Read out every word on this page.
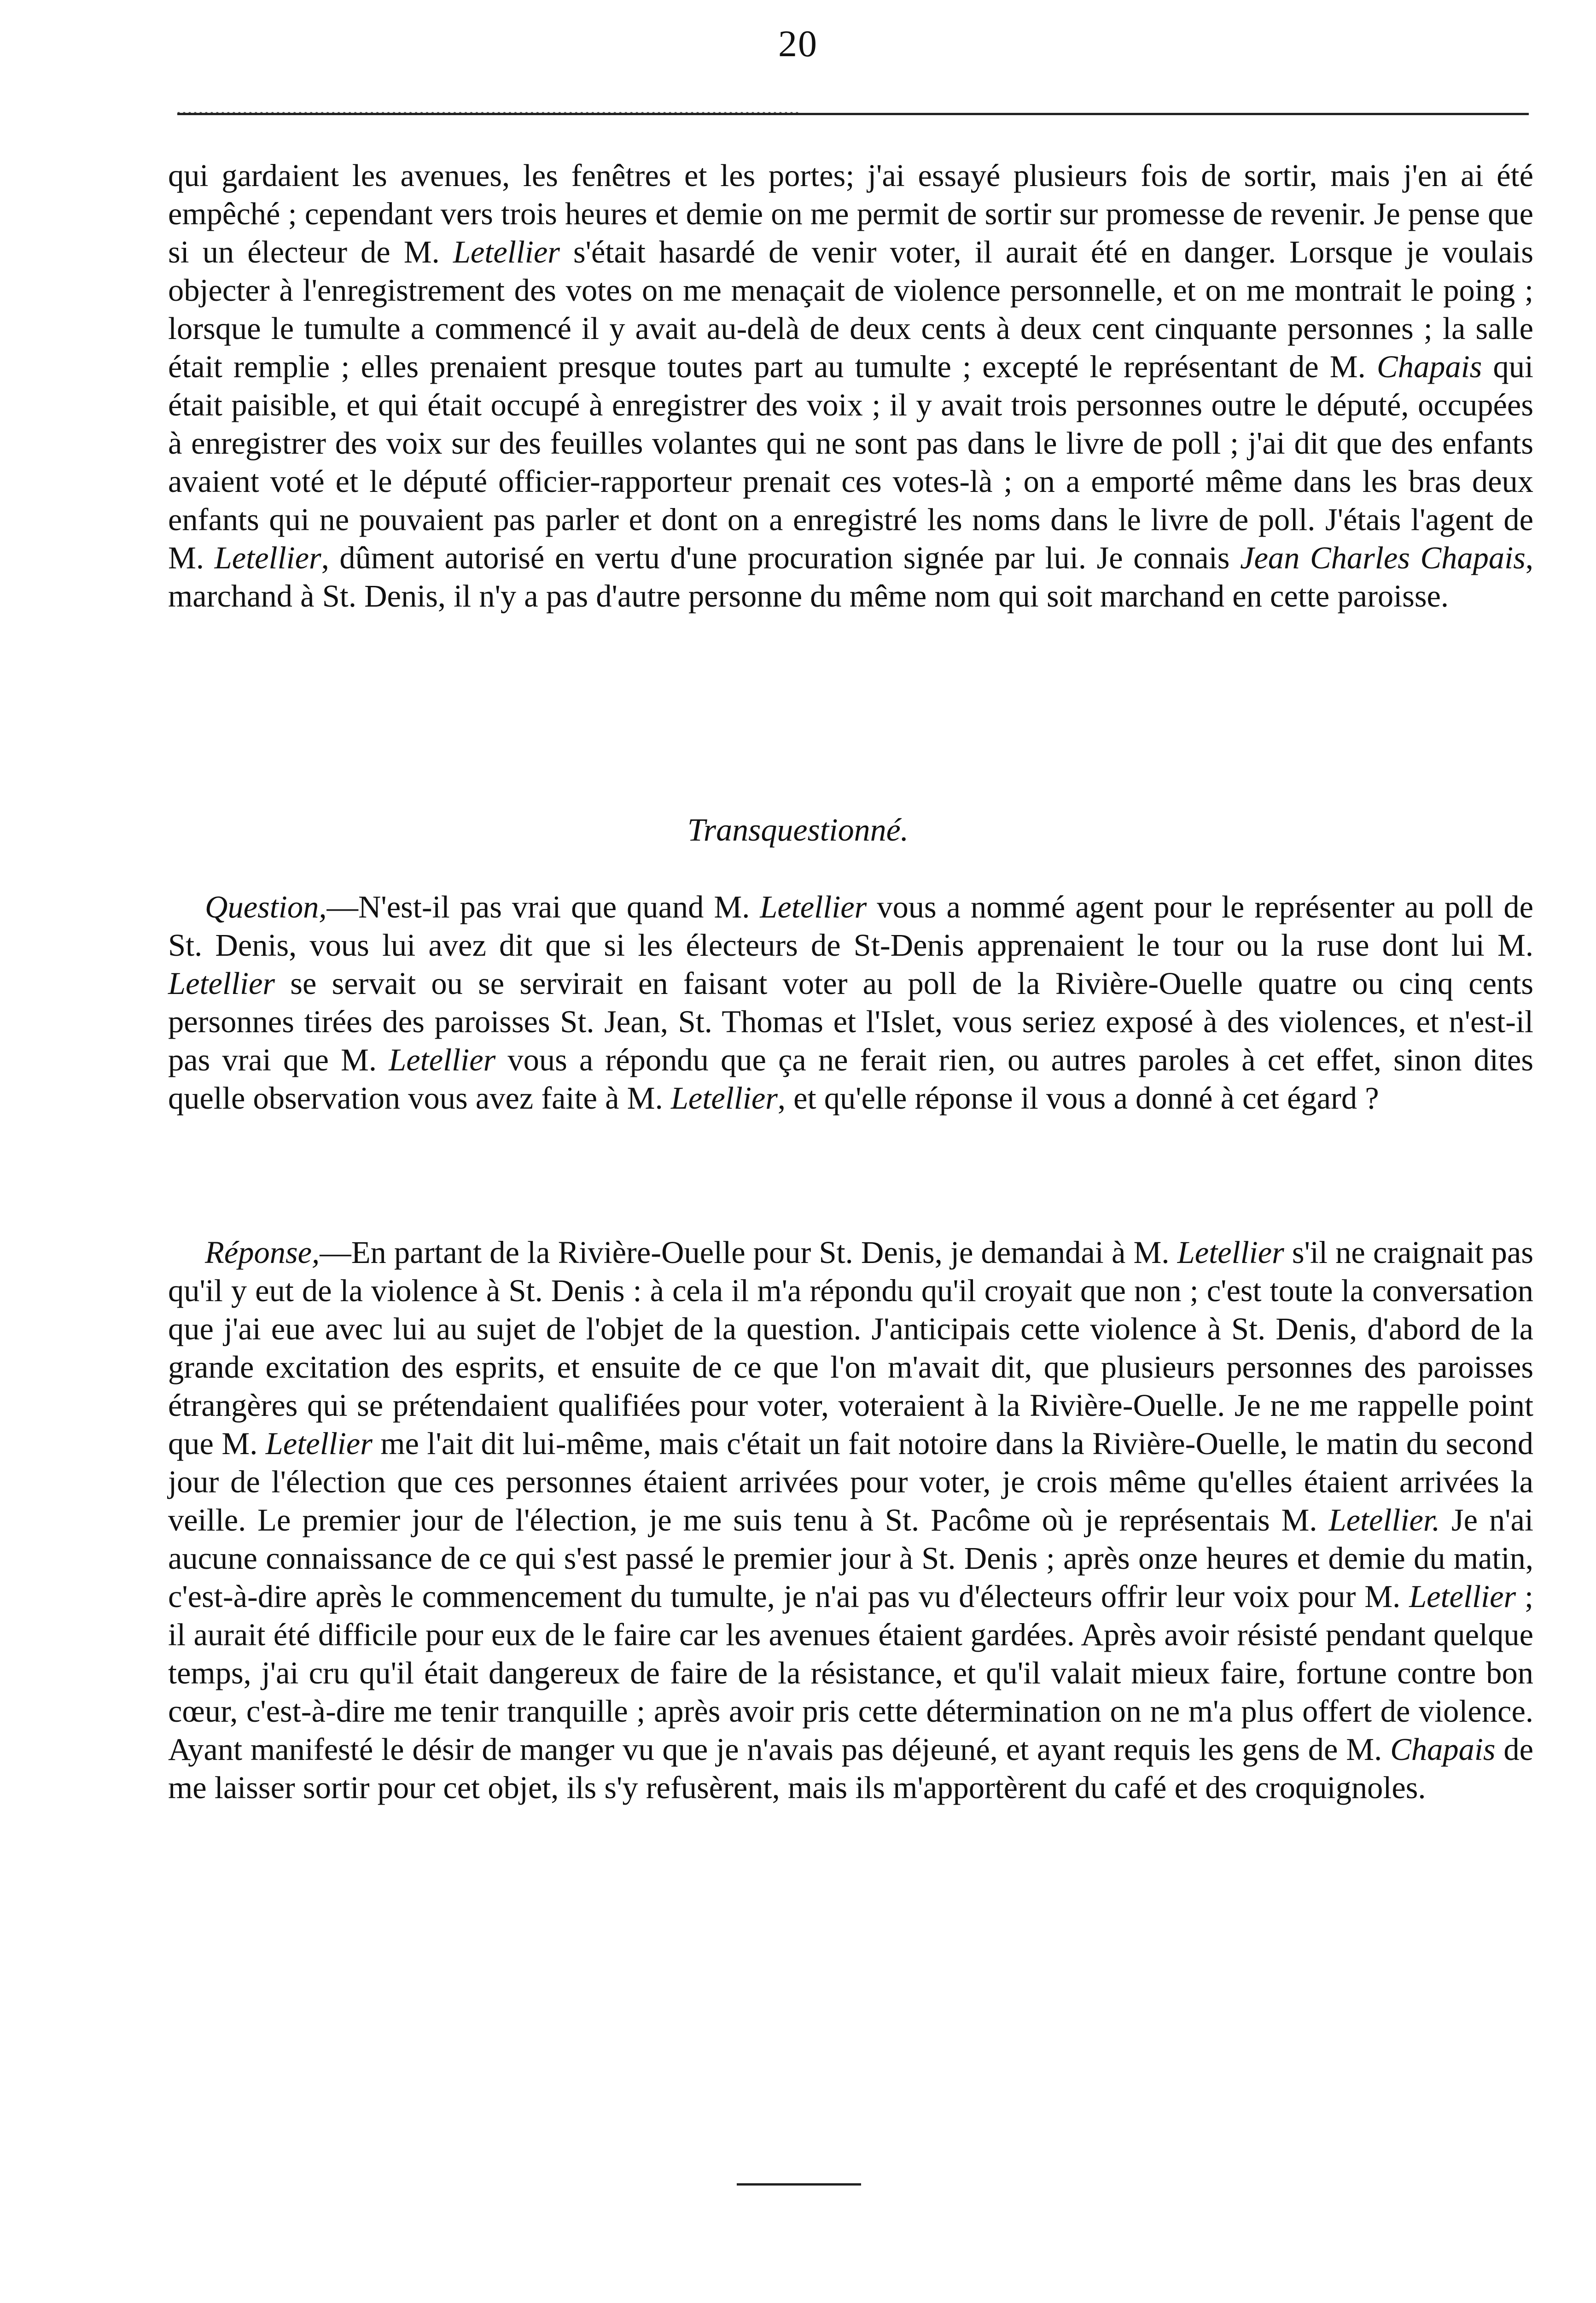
20

qui gardaient les avenues, les fenêtres et les portes; j'ai essayé plusieurs fois de sortir, mais j'en ai été empêché ; cependant vers trois heures et demie on me permit de sortir sur promesse de revenir. Je pense que si un électeur de M. Letellier s'était hasardé de venir voter, il aurait été en danger. Lorsque je voulais objecter à l'enregistrement des votes on me menaçait de violence personnelle, et on me montrait le poing ; lorsque le tumulte a commencé il y avait au-delà de deux cents à deux cent cinquante personnes ; la salle était remplie ; elles prenaient presque toutes part au tumulte ; excepté le représentant de M. Chapais qui était paisible, et qui était occupé à enregistrer des voix ; il y avait trois personnes outre le député, occupées à enregistrer des voix sur des feuilles volantes qui ne sont pas dans le livre de poll ; j'ai dit que des enfants avaient voté et le député officier-rapporteur prenait ces votes-là ; on a emporté même dans les bras deux enfants qui ne pouvaient pas parler et dont on a enregistré les noms dans le livre de poll. J'étais l'agent de M. Letellier, dûment autorisé en vertu d'une procuration signée par lui. Je connais Jean Charles Chapais, marchand à St. Denis, il n'y a pas d'autre personne du même nom qui soit marchand en cette paroisse.

Transquestionné.

Question,—N'est-il pas vrai que quand M. Letellier vous a nommé agent pour le représenter au poll de St. Denis, vous lui avez dit que si les électeurs de St-Denis apprenaient le tour ou la ruse dont lui M. Letellier se servait ou se servirait en faisant voter au poll de la Rivière-Ouelle quatre ou cinq cents personnes tirées des paroisses St. Jean, St. Thomas et l'Islet, vous seriez exposé à des violences, et n'est-il pas vrai que M. Letellier vous a répondu que ça ne ferait rien, ou autres paroles à cet effet, sinon dites quelle observation vous avez faite à M. Letellier, et qu'elle réponse il vous a donné à cet égard ?

Réponse,—En partant de la Rivière-Ouelle pour St. Denis, je demandai à M. Letellier s'il ne craignait pas qu'il y eut de la violence à St. Denis : à cela il m'a répondu qu'il croyait que non ; c'est toute la conversation que j'ai eue avec lui au sujet de l'objet de la question. J'anticipais cette violence à St. Denis, d'abord de la grande excitation des esprits, et ensuite de ce que l'on m'avait dit, que plusieurs personnes des paroisses étrangères qui se prétendaient qualifiées pour voter, voteraient à la Rivière-Ouelle. Je ne me rappelle point que M. Letellier me l'ait dit lui-même, mais c'était un fait notoire dans la Rivière-Ouelle, le matin du second jour de l'élection que ces personnes étaient arrivées pour voter, je crois même qu'elles étaient arrivées la veille. Le premier jour de l'élection, je me suis tenu à St. Pacôme où je représentais M. Letellier. Je n'ai aucune connaissance de ce qui s'est passé le premier jour à St. Denis ; après onze heures et demie du matin, c'est-à-dire après le commencement du tumulte, je n'ai pas vu d'électeurs offrir leur voix pour M. Letellier ; il aurait été difficile pour eux de le faire car les avenues étaient gardées. Après avoir résisté pendant quelque temps, j'ai cru qu'il était dangereux de faire de la résistance, et qu'il valait mieux faire, fortune contre bon cœur, c'est-à-dire me tenir tranquille ; après avoir pris cette détermination on ne m'a plus offert de violence. Ayant manifesté le désir de manger vu que je n'avais pas déjeuné, et ayant requis les gens de M. Chapais de me laisser sortir pour cet objet, ils s'y refusèrent, mais ils m'apportèrent du café et des croquignoles.
